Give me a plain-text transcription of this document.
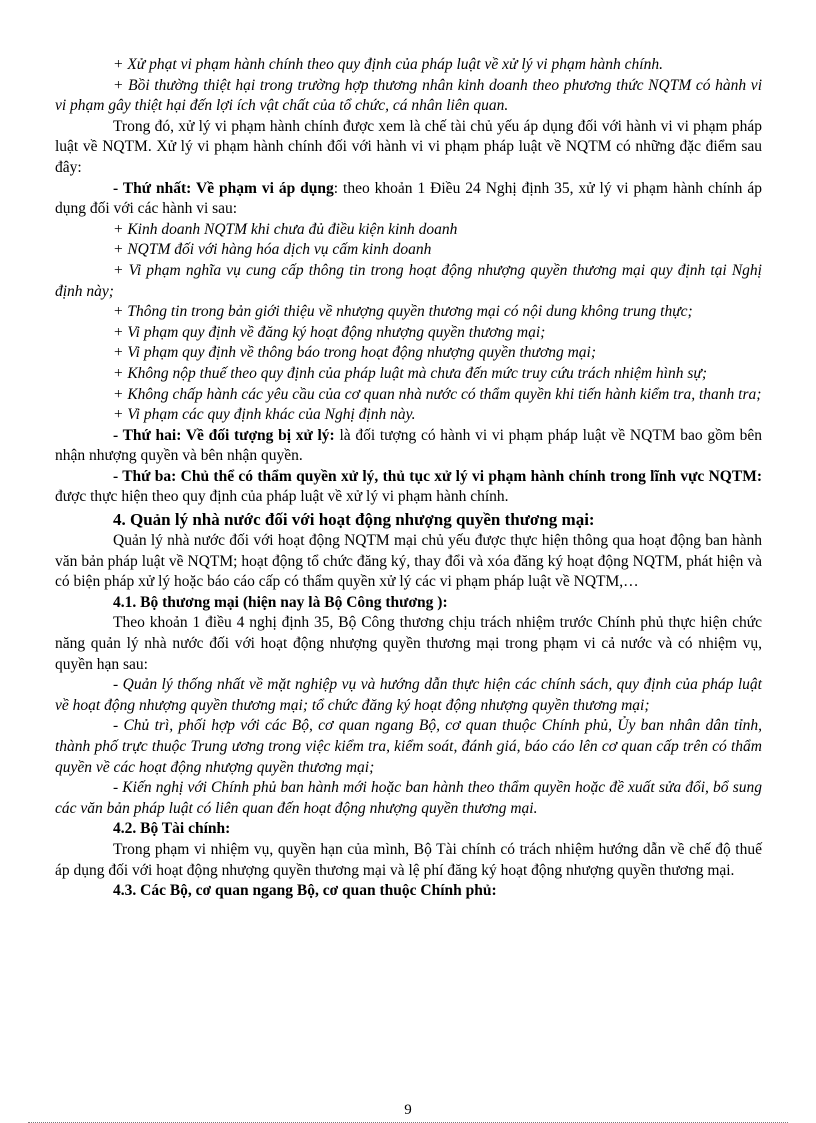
+ Xử phạt vi phạm hành chính theo quy định của pháp luật về xử lý vi phạm hành chính.

+ Bồi thường thiệt hại trong trường hợp thương nhân kinh doanh theo phương thức NQTM có hành vi vi phạm gây thiệt hại đến lợi ích vật chất của tổ chức, cá nhân liên quan.

Trong đó, xử lý vi phạm hành chính được xem là chế tài chủ yếu áp dụng đối với hành vi vi phạm pháp luật về NQTM. Xử lý vi phạm hành chính đối với hành vi vi phạm pháp luật về NQTM có những đặc điểm sau đây:

- Thứ nhất: Về phạm vi áp dụng: theo khoản 1 Điều 24 Nghị định 35, xử lý vi phạm hành chính áp dụng đối với các hành vi sau:

+ Kinh doanh NQTM khi chưa đủ điều kiện kinh doanh

+ NQTM đối với hàng hóa dịch vụ cấm kinh doanh

+ Vi phạm nghĩa vụ cung cấp thông tin trong hoạt động nhượng quyền thương mại quy định tại Nghị định này;

+ Thông tin trong bản giới thiệu về nhượng quyền thương mại có nội dung không trung thực;

+ Vi phạm quy định về đăng ký hoạt động nhượng quyền thương mại;

+ Vi phạm quy định về thông báo trong hoạt động nhượng quyền thương mại;

+ Không nộp thuế theo quy định của pháp luật mà chưa đến mức truy cứu trách nhiệm hình sự;

+ Không chấp hành các yêu cầu của cơ quan nhà nước có thẩm quyền khi tiến hành kiểm tra, thanh tra;

+ Vi phạm các quy định khác của Nghị định này.

- Thứ hai: Về đối tượng bị xử lý: là đối tượng có hành vi vi phạm pháp luật về NQTM bao gồm bên nhận nhượng quyền và bên nhận quyền.

- Thứ ba: Chủ thể có thẩm quyền xử lý, thủ tục xử lý vi phạm hành chính trong lĩnh vực NQTM: được thực hiện theo quy định của pháp luật về xử lý vi phạm hành chính.

4. Quản lý nhà nước đối với hoạt động nhượng quyền thương mại:

Quản lý nhà nước đối với hoạt động NQTM mại chủ yếu được thực hiện thông qua hoạt động ban hành văn bản pháp luật về NQTM; hoạt động tổ chức đăng ký, thay đổi và xóa đăng ký hoạt động NQTM, phát hiện và có biện pháp xử lý hoặc báo cáo cấp có thẩm quyền xử lý các vi phạm pháp luật về NQTM,…

4.1. Bộ thương mại (hiện nay là Bộ Công thương ):

Theo khoản 1 điều 4 nghị định 35, Bộ Công thương chịu trách nhiệm trước Chính phủ thực hiện chức năng quản lý nhà nước đối với hoạt động nhượng quyền thương mại trong phạm vi cả nước và có nhiệm vụ, quyền hạn sau:

- Quản lý thống nhất về mặt nghiệp vụ và hướng dẫn thực hiện các chính sách, quy định của pháp luật về hoạt động nhượng quyền thương mại; tổ chức đăng ký hoạt động nhượng quyền thương mại;

- Chủ trì, phối hợp với các Bộ, cơ quan ngang Bộ, cơ quan thuộc Chính phủ, Ủy ban nhân dân tỉnh, thành phố trực thuộc Trung ương trong việc kiểm tra, kiểm soát, đánh giá, báo cáo lên cơ quan cấp trên có thẩm quyền về các hoạt động nhượng quyền thương mại;

- Kiến nghị với Chính phủ ban hành mới hoặc ban hành theo thẩm quyền hoặc đề xuất sửa đổi, bổ sung các văn bản pháp luật có liên quan đến hoạt động nhượng quyền thương mại.

4.2. Bộ Tài chính:

Trong phạm vi nhiệm vụ, quyền hạn của mình, Bộ Tài chính có trách nhiệm hướng dẫn về chế độ thuế áp dụng đối với hoạt động nhượng quyền thương mại và lệ phí đăng ký hoạt động nhượng quyền thương mại.

4.3. Các Bộ, cơ quan ngang Bộ, cơ quan thuộc Chính phủ:

9
